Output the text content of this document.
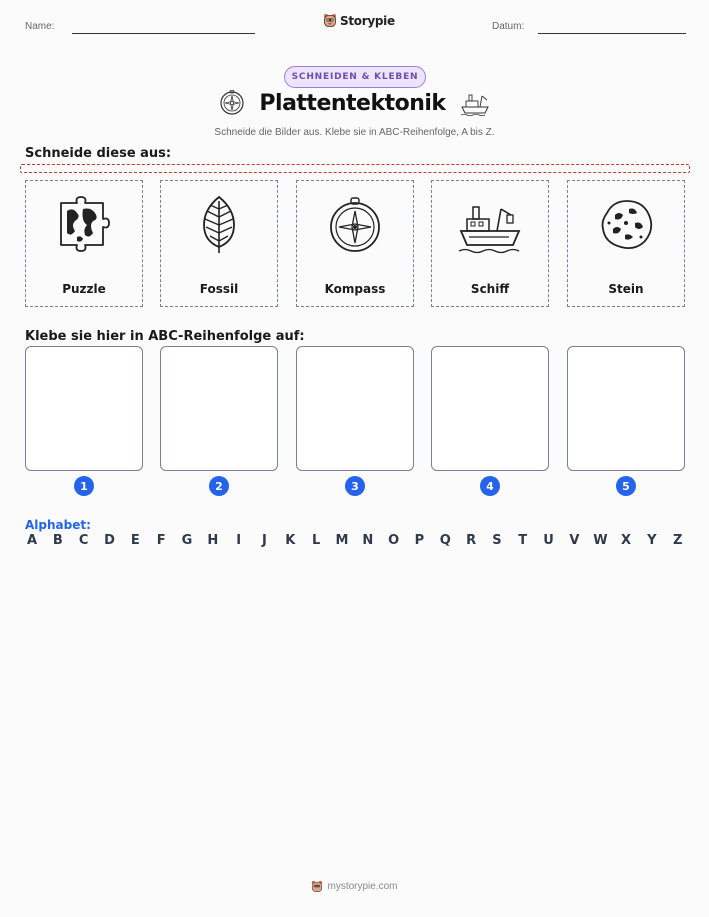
Name:	Storypie	Datum:
SCHNEIDEN & KLEBEN
Plattentektonik
Schneide die Bilder aus. Klebe sie in ABC-Reihenfolge, A bis Z.
Schneide diese aus:
Puzzle	Fossil	Kompass	Schiff	Stein
Klebe sie hier in ABC-Reihenfolge auf:
1	2	3	4	5
Alphabet:
A B C D E F G H	I	J	K L M N O P Q R S T U V W X Y Z
mystorypie.com
